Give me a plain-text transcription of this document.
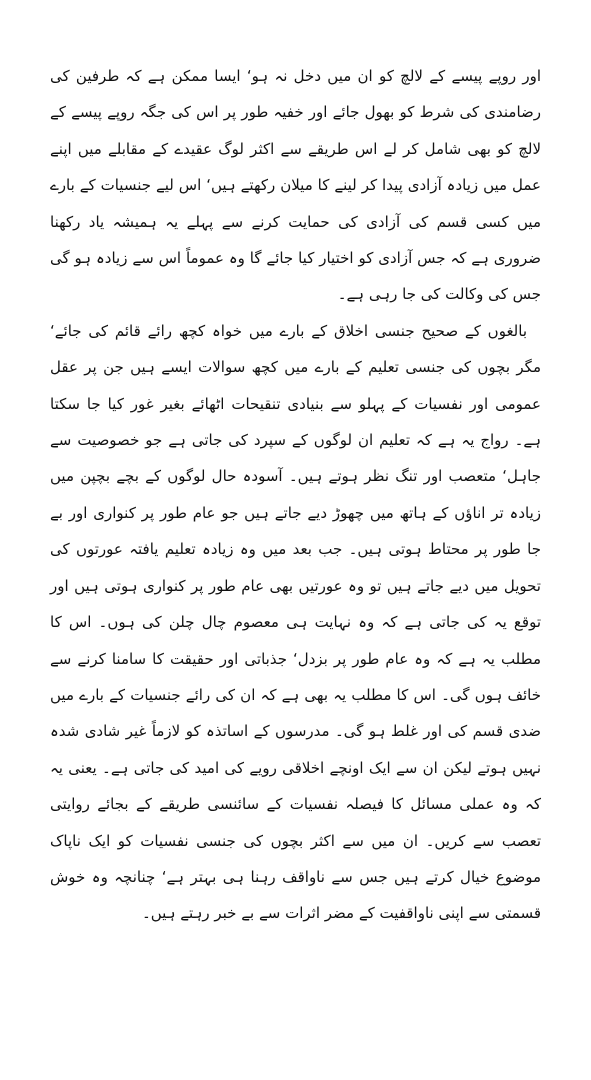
اور روپے پیسے کے لالچ کو ان میں دخل نہ ہو‘ ایسا ممکن ہے کہ طرفین کی رضامندی کی شرط کو بھول جائے اور خفیہ طور پر اس کی جگہ روپے پیسے کے لالچ کو بھی شامل کر لے اس طریقے سے اکثر لوگ عقیدے کے مقابلے میں اپنے عمل میں زیادہ آزادی پیدا کر لینے کا میلان رکھتے ہیں‘ اس لیے جنسیات کے بارے میں کسی قسم کی آزادی کی حمایت کرنے سے پہلے یہ ہمیشہ یاد رکھنا ضروری ہے کہ جس آزادی کو اختیار کیا جائے گا وہ عموماً اس سے زیادہ ہو گی جس کی وکالت کی جا رہی ہے۔

بالغوں کے صحیح جنسی اخلاق کے بارے میں خواہ کچھ رائے قائم کی جائے‘ مگر بچوں کی جنسی تعلیم کے بارے میں کچھ سوالات ایسے ہیں جن پر عقل عمومی اور نفسیات کے پہلو سے بنیادی تنقیحات اٹھائے بغیر غور کیا جا سکتا ہے۔ رواج یہ ہے کہ تعلیم ان لوگوں کے سپرد کی جاتی ہے جو خصوصیت سے جاہل‘ متعصب اور تنگ نظر ہوتے ہیں۔ آسودہ حال لوگوں کے بچے بچپن میں زیادہ تر اناؤں کے ہاتھ میں چھوڑ دیے جاتے ہیں جو عام طور پر کنواری اور بے جا طور پر محتاط ہوتی ہیں۔ جب بعد میں وہ زیادہ تعلیم یافتہ عورتوں کی تحویل میں دیے جاتے ہیں تو وہ عورتیں بھی عام طور پر کنواری ہوتی ہیں اور توقع یہ کی جاتی ہے کہ وہ نہایت ہی معصوم چال چلن کی ہوں۔ اس کا مطلب یہ ہے کہ وہ عام طور پر بزدل‘ جذباتی اور حقیقت کا سامنا کرنے سے خائف ہوں گی۔ اس کا مطلب یہ بھی ہے کہ ان کی رائے جنسیات کے بارے میں ضدی قسم کی اور غلط ہو گی۔ مدرسوں کے اساتذہ کو لازماً غیر شادی شدہ نہیں ہوتے لیکن ان سے ایک اونچے اخلاقی رویے کی امید کی جاتی ہے۔ یعنی یہ کہ وہ عملی مسائل کا فیصلہ نفسیات کے سائنسی طریقے کے بجائے روایتی تعصب سے کریں۔ ان میں سے اکثر بچوں کی جنسی نفسیات کو ایک ناپاک موضوع خیال کرتے ہیں جس سے ناواقف رہنا ہی بہتر ہے‘ چنانچہ وہ خوش قسمتی سے اپنی ناواقفیت کے مضر اثرات سے بے خبر رہتے ہیں۔
